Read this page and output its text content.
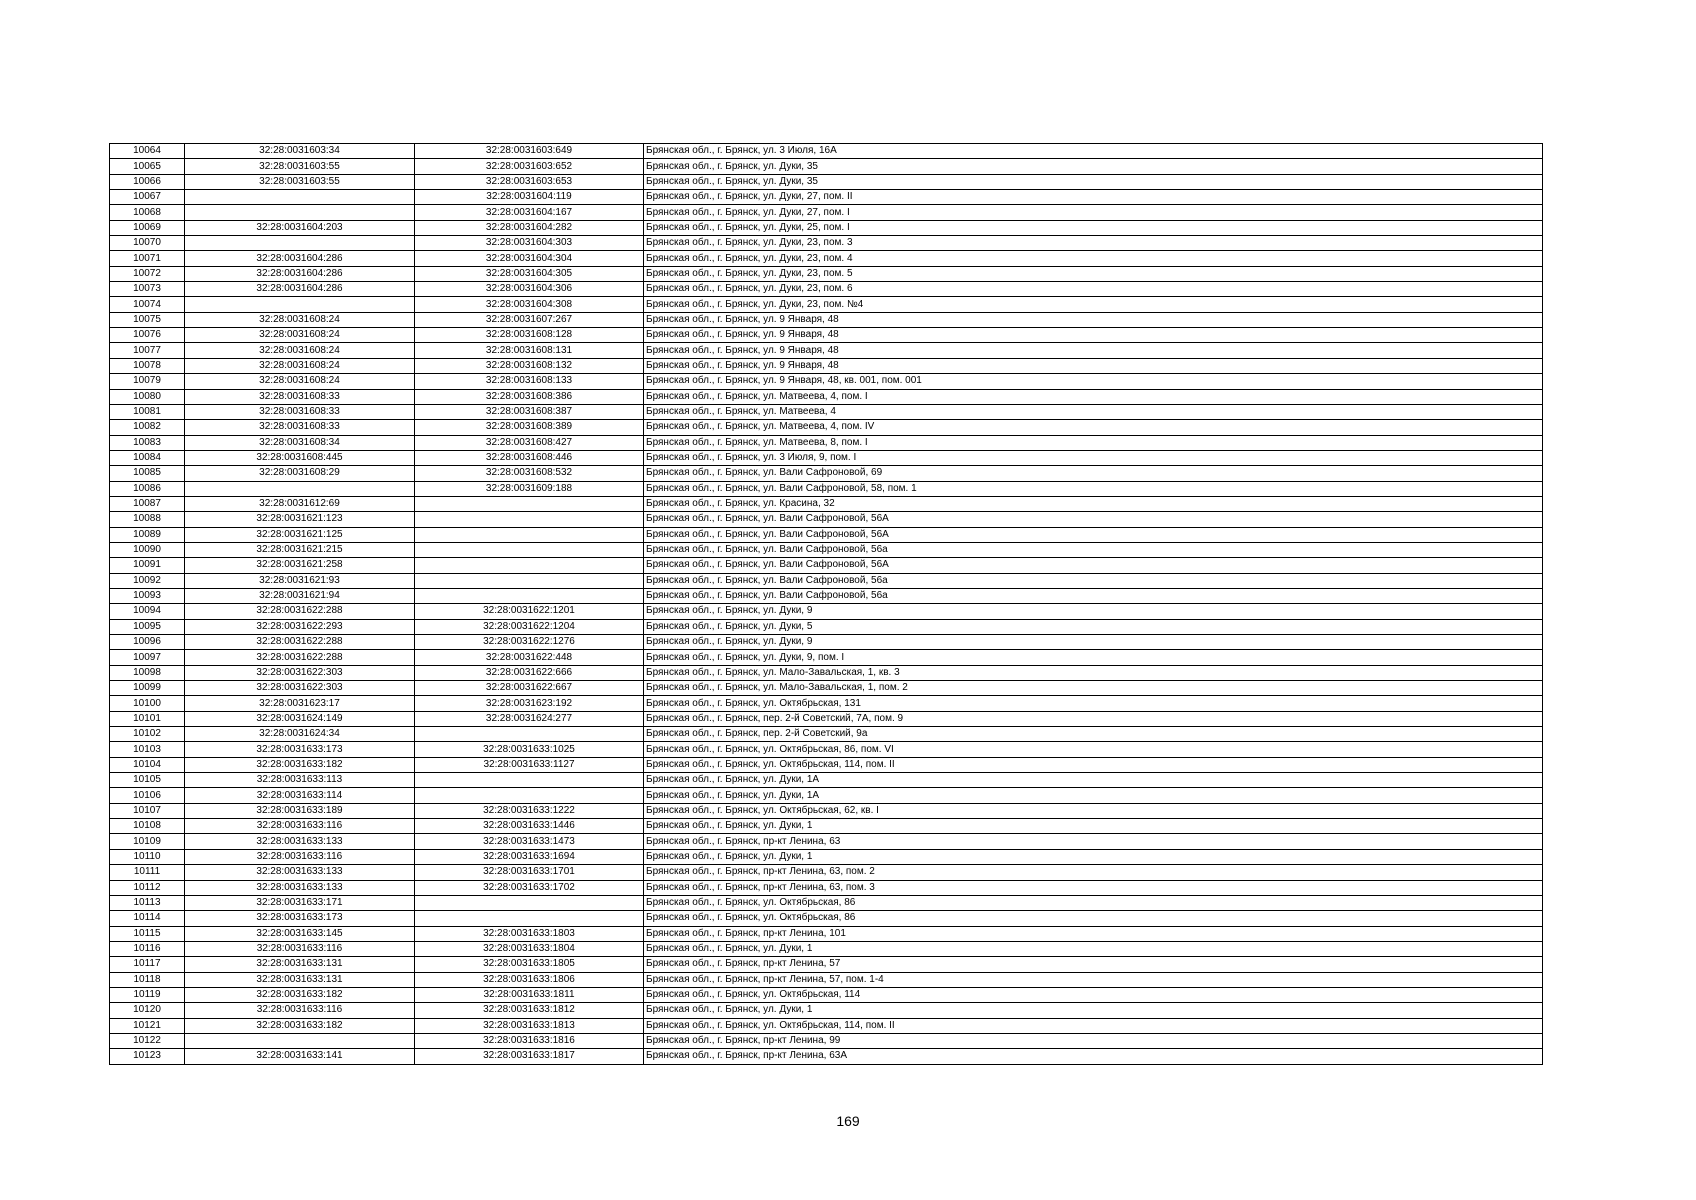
10064	32:28:0031603:34	32:28:0031603:649	Брянская обл., г. Брянск, ул. 3 Июля, 16А
10065	32:28:0031603:55	32:28:0031603:652	Брянская обл., г. Брянск, ул. Дуки, 35
10066	32:28:0031603:55	32:28:0031603:653	Брянская обл., г. Брянск, ул. Дуки, 35
10067		32:28:0031604:119	Брянская обл., г. Брянск, ул. Дуки, 27, пом. II
10068		32:28:0031604:167	Брянская обл., г. Брянск, ул. Дуки, 27, пом. I
10069	32:28:0031604:203	32:28:0031604:282	Брянская обл., г. Брянск, ул. Дуки, 25, пом. I
10070		32:28:0031604:303	Брянская обл., г. Брянск, ул. Дуки, 23, пом. 3
10071	32:28:0031604:286	32:28:0031604:304	Брянская обл., г. Брянск, ул. Дуки, 23, пом. 4
10072	32:28:0031604:286	32:28:0031604:305	Брянская обл., г. Брянск, ул. Дуки, 23, пом. 5
10073	32:28:0031604:286	32:28:0031604:306	Брянская обл., г. Брянск, ул. Дуки, 23, пом. 6
10074		32:28:0031604:308	Брянская обл., г. Брянск, ул. Дуки, 23, пом. №4
10075	32:28:0031608:24	32:28:0031607:267	Брянская обл., г. Брянск, ул. 9 Января, 48
10076	32:28:0031608:24	32:28:0031608:128	Брянская обл., г. Брянск, ул. 9 Января, 48
10077	32:28:0031608:24	32:28:0031608:131	Брянская обл., г. Брянск, ул. 9 Января, 48
10078	32:28:0031608:24	32:28:0031608:132	Брянская обл., г. Брянск, ул. 9 Января, 48
10079	32:28:0031608:24	32:28:0031608:133	Брянская обл., г. Брянск, ул. 9 Января, 48, кв. 001, пом. 001
10080	32:28:0031608:33	32:28:0031608:386	Брянская обл., г. Брянск, ул. Матвеева, 4, пом. I
10081	32:28:0031608:33	32:28:0031608:387	Брянская обл., г. Брянск, ул. Матвеева, 4
10082	32:28:0031608:33	32:28:0031608:389	Брянская обл., г. Брянск, ул. Матвеева, 4, пом. IV
10083	32:28:0031608:34	32:28:0031608:427	Брянская обл., г. Брянск, ул. Матвеева, 8, пом. I
10084	32:28:0031608:445	32:28:0031608:446	Брянская обл., г. Брянск, ул. 3 Июля, 9, пом. I
10085	32:28:0031608:29	32:28:0031608:532	Брянская обл., г. Брянск, ул. Вали Сафроновой, 69
10086		32:28:0031609:188	Брянская обл., г. Брянск, ул. Вали Сафроновой, 58, пом. 1
10087	32:28:0031612:69		Брянская обл., г. Брянск, ул. Красина, 32
10088	32:28:0031621:123		Брянская обл., г. Брянск, ул. Вали Сафроновой, 56А
10089	32:28:0031621:125		Брянская обл., г. Брянск, ул. Вали Сафроновой, 56А
10090	32:28:0031621:215		Брянская обл., г. Брянск, ул. Вали Сафроновой, 56а
10091	32:28:0031621:258		Брянская обл., г. Брянск, ул. Вали Сафроновой, 56А
10092	32:28:0031621:93		Брянская обл., г. Брянск, ул. Вали Сафроновой, 56а
10093	32:28:0031621:94		Брянская обл., г. Брянск, ул. Вали Сафроновой, 56а
10094	32:28:0031622:288	32:28:0031622:1201	Брянская обл., г. Брянск, ул. Дуки, 9
10095	32:28:0031622:293	32:28:0031622:1204	Брянская обл., г. Брянск, ул. Дуки, 5
10096	32:28:0031622:288	32:28:0031622:1276	Брянская обл., г. Брянск, ул. Дуки, 9
10097	32:28:0031622:288	32:28:0031622:448	Брянская обл., г. Брянск, ул. Дуки, 9, пом. I
10098	32:28:0031622:303	32:28:0031622:666	Брянская обл., г. Брянск, ул. Мало-Завальская, 1, кв. 3
10099	32:28:0031622:303	32:28:0031622:667	Брянская обл., г. Брянск, ул. Мало-Завальская, 1, пом. 2
10100	32:28:0031623:17	32:28:0031623:192	Брянская обл., г. Брянск, ул. Октябрьская, 131
10101	32:28:0031624:149	32:28:0031624:277	Брянская обл., г. Брянск, пер. 2-й Советский, 7А, пом. 9
10102	32:28:0031624:34		Брянская обл., г. Брянск, пер. 2-й Советский, 9а
10103	32:28:0031633:173	32:28:0031633:1025	Брянская обл., г. Брянск, ул. Октябрьская, 86, пом. VI
10104	32:28:0031633:182	32:28:0031633:1127	Брянская обл., г. Брянск, ул. Октябрьская, 114, пом. II
10105	32:28:0031633:113		Брянская обл., г. Брянск, ул. Дуки, 1А
10106	32:28:0031633:114		Брянская обл., г. Брянск, ул. Дуки, 1А
10107	32:28:0031633:189	32:28:0031633:1222	Брянская обл., г. Брянск, ул. Октябрьская, 62, кв. I
10108	32:28:0031633:116	32:28:0031633:1446	Брянская обл., г. Брянск, ул. Дуки, 1
10109	32:28:0031633:133	32:28:0031633:1473	Брянская обл., г. Брянск, пр-кт Ленина, 63
10110	32:28:0031633:116	32:28:0031633:1694	Брянская обл., г. Брянск, ул. Дуки, 1
10111	32:28:0031633:133	32:28:0031633:1701	Брянская обл., г. Брянск, пр-кт Ленина, 63, пом. 2
10112	32:28:0031633:133	32:28:0031633:1702	Брянская обл., г. Брянск, пр-кт Ленина, 63, пом. 3
10113	32:28:0031633:171		Брянская обл., г. Брянск, ул. Октябрьская, 86
10114	32:28:0031633:173		Брянская обл., г. Брянск, ул. Октябрьская, 86
10115	32:28:0031633:145	32:28:0031633:1803	Брянская обл., г. Брянск, пр-кт Ленина, 101
10116	32:28:0031633:116	32:28:0031633:1804	Брянская обл., г. Брянск, ул. Дуки, 1
10117	32:28:0031633:131	32:28:0031633:1805	Брянская обл., г. Брянск, пр-кт Ленина, 57
10118	32:28:0031633:131	32:28:0031633:1806	Брянская обл., г. Брянск, пр-кт Ленина, 57, пом. 1-4
10119	32:28:0031633:182	32:28:0031633:1811	Брянская обл., г. Брянск, ул. Октябрьская, 114
10120	32:28:0031633:116	32:28:0031633:1812	Брянская обл., г. Брянск, ул. Дуки, 1
10121	32:28:0031633:182	32:28:0031633:1813	Брянская обл., г. Брянск, ул. Октябрьская, 114, пом. II
10122		32:28:0031633:1816	Брянская обл., г. Брянск, пр-кт Ленина, 99
10123	32:28:0031633:141	32:28:0031633:1817	Брянская обл., г. Брянск, пр-кт Ленина, 63А
169
